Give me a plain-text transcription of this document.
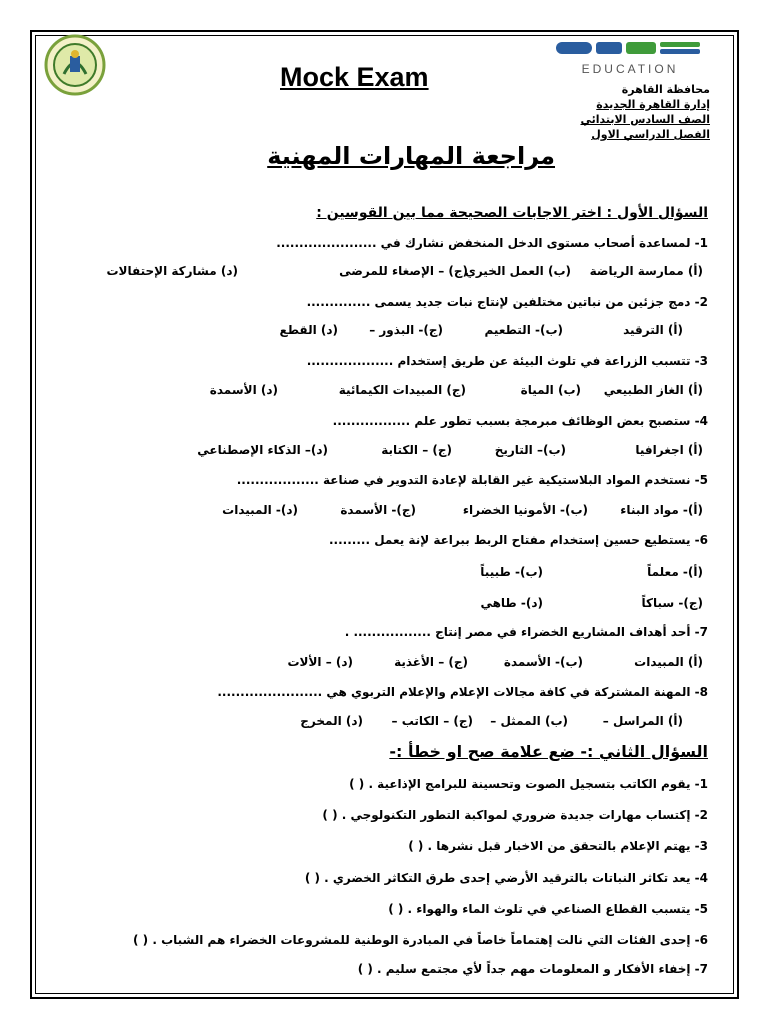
EDUCATION
Mock Exam	محافظة القاهرة
إدارة القاهرة الجديدة
الصف السادس الابتدائي
الفصل الدراسي الاول
مراجعة المهارات المهنية
السؤال الأول : اختر الاجابات الصحيحة مما بين القوسين :
1- لمساعدة أصحاب مستوى الدخل المنخفض نشارك في ......................
(أ) ممارسة الرياضة
(ب) العمل الخيري
(ج) – الإصغاء للمرضى
(د) مشاركة الإحتفالات
2- دمج جزئين من نباتين مختلفين لإنتاج نبات جديد يسمى ..............
(أ) الترقيد
(ب)- التطعيم
(ج)- البذور –
(د) القطع
3- تتسبب الزراعة في تلوث البيئة عن طريق إستخدام ...................
(أ) الغاز الطبيعي
(ب) المياة
(ج) المبيدات الكيمائية
(د) الأسمدة
4- ستصبح بعض الوظائف مبرمجة بسبب تطور علم .................
(أ) اجغرافيا
(ب)– التاريخ
(ج) – الكتابة
(د)– الذكاء الإصطناعي
5- نستخدم المواد البلاستيكية غير القابلة لإعادة التدوير في صناعة ..................
(أ)- مواد البناء
(ب)- الأمونيا الخضراء
(ج)- الأسمدة
(د)- المبيدات
6- يستطيع حسين إستخدام مفتاح الربط ببراعة لإنة يعمل .........
(أ)- معلماً
(ب)- طبيباً
(ج)- سباكاً
(د)- طاهي
7- أحد أهداف المشاريع الخضراء في مصر إنتاج ................. .
(أ) المبيدات
(ب)- الأسمدة
(ج) – الأغذية
(د) – الألات
8- المهنة المشتركة في كافة مجالات الإعلام والإعلام التربوي هي .......................
(أ) المراسل –
(ب) الممثل –
(ج) – الكاتب –
(د) المخرج
السؤال الثاني :- ضع علامة صح او خطأ :-
1- يقوم الكاتب بتسجيل الصوت وتحسينة للبرامج الإذاعية . ( )
2- إكتساب مهارات جديدة ضروري لمواكبة التطور التكنولوجي . ( )
3- يهتم الإعلام بالتحقق من الاخبار قبل نشرها . ( )
4- يعد تكاثر النباتات بالترقيد الأرضي إحدى طرق التكاثر الخضري . ( )
5- يتسبب القطاع الصناعي في تلوث الماء والهواء . ( )
6- إحدى الفئات التي نالت إهتماماً خاصاً في المبادرة الوطنية للمشروعات الخضراء هم الشباب . ( )
7- إخفاء الأفكار و المعلومات مهم جداً لأي مجتمع سليم . ( )
